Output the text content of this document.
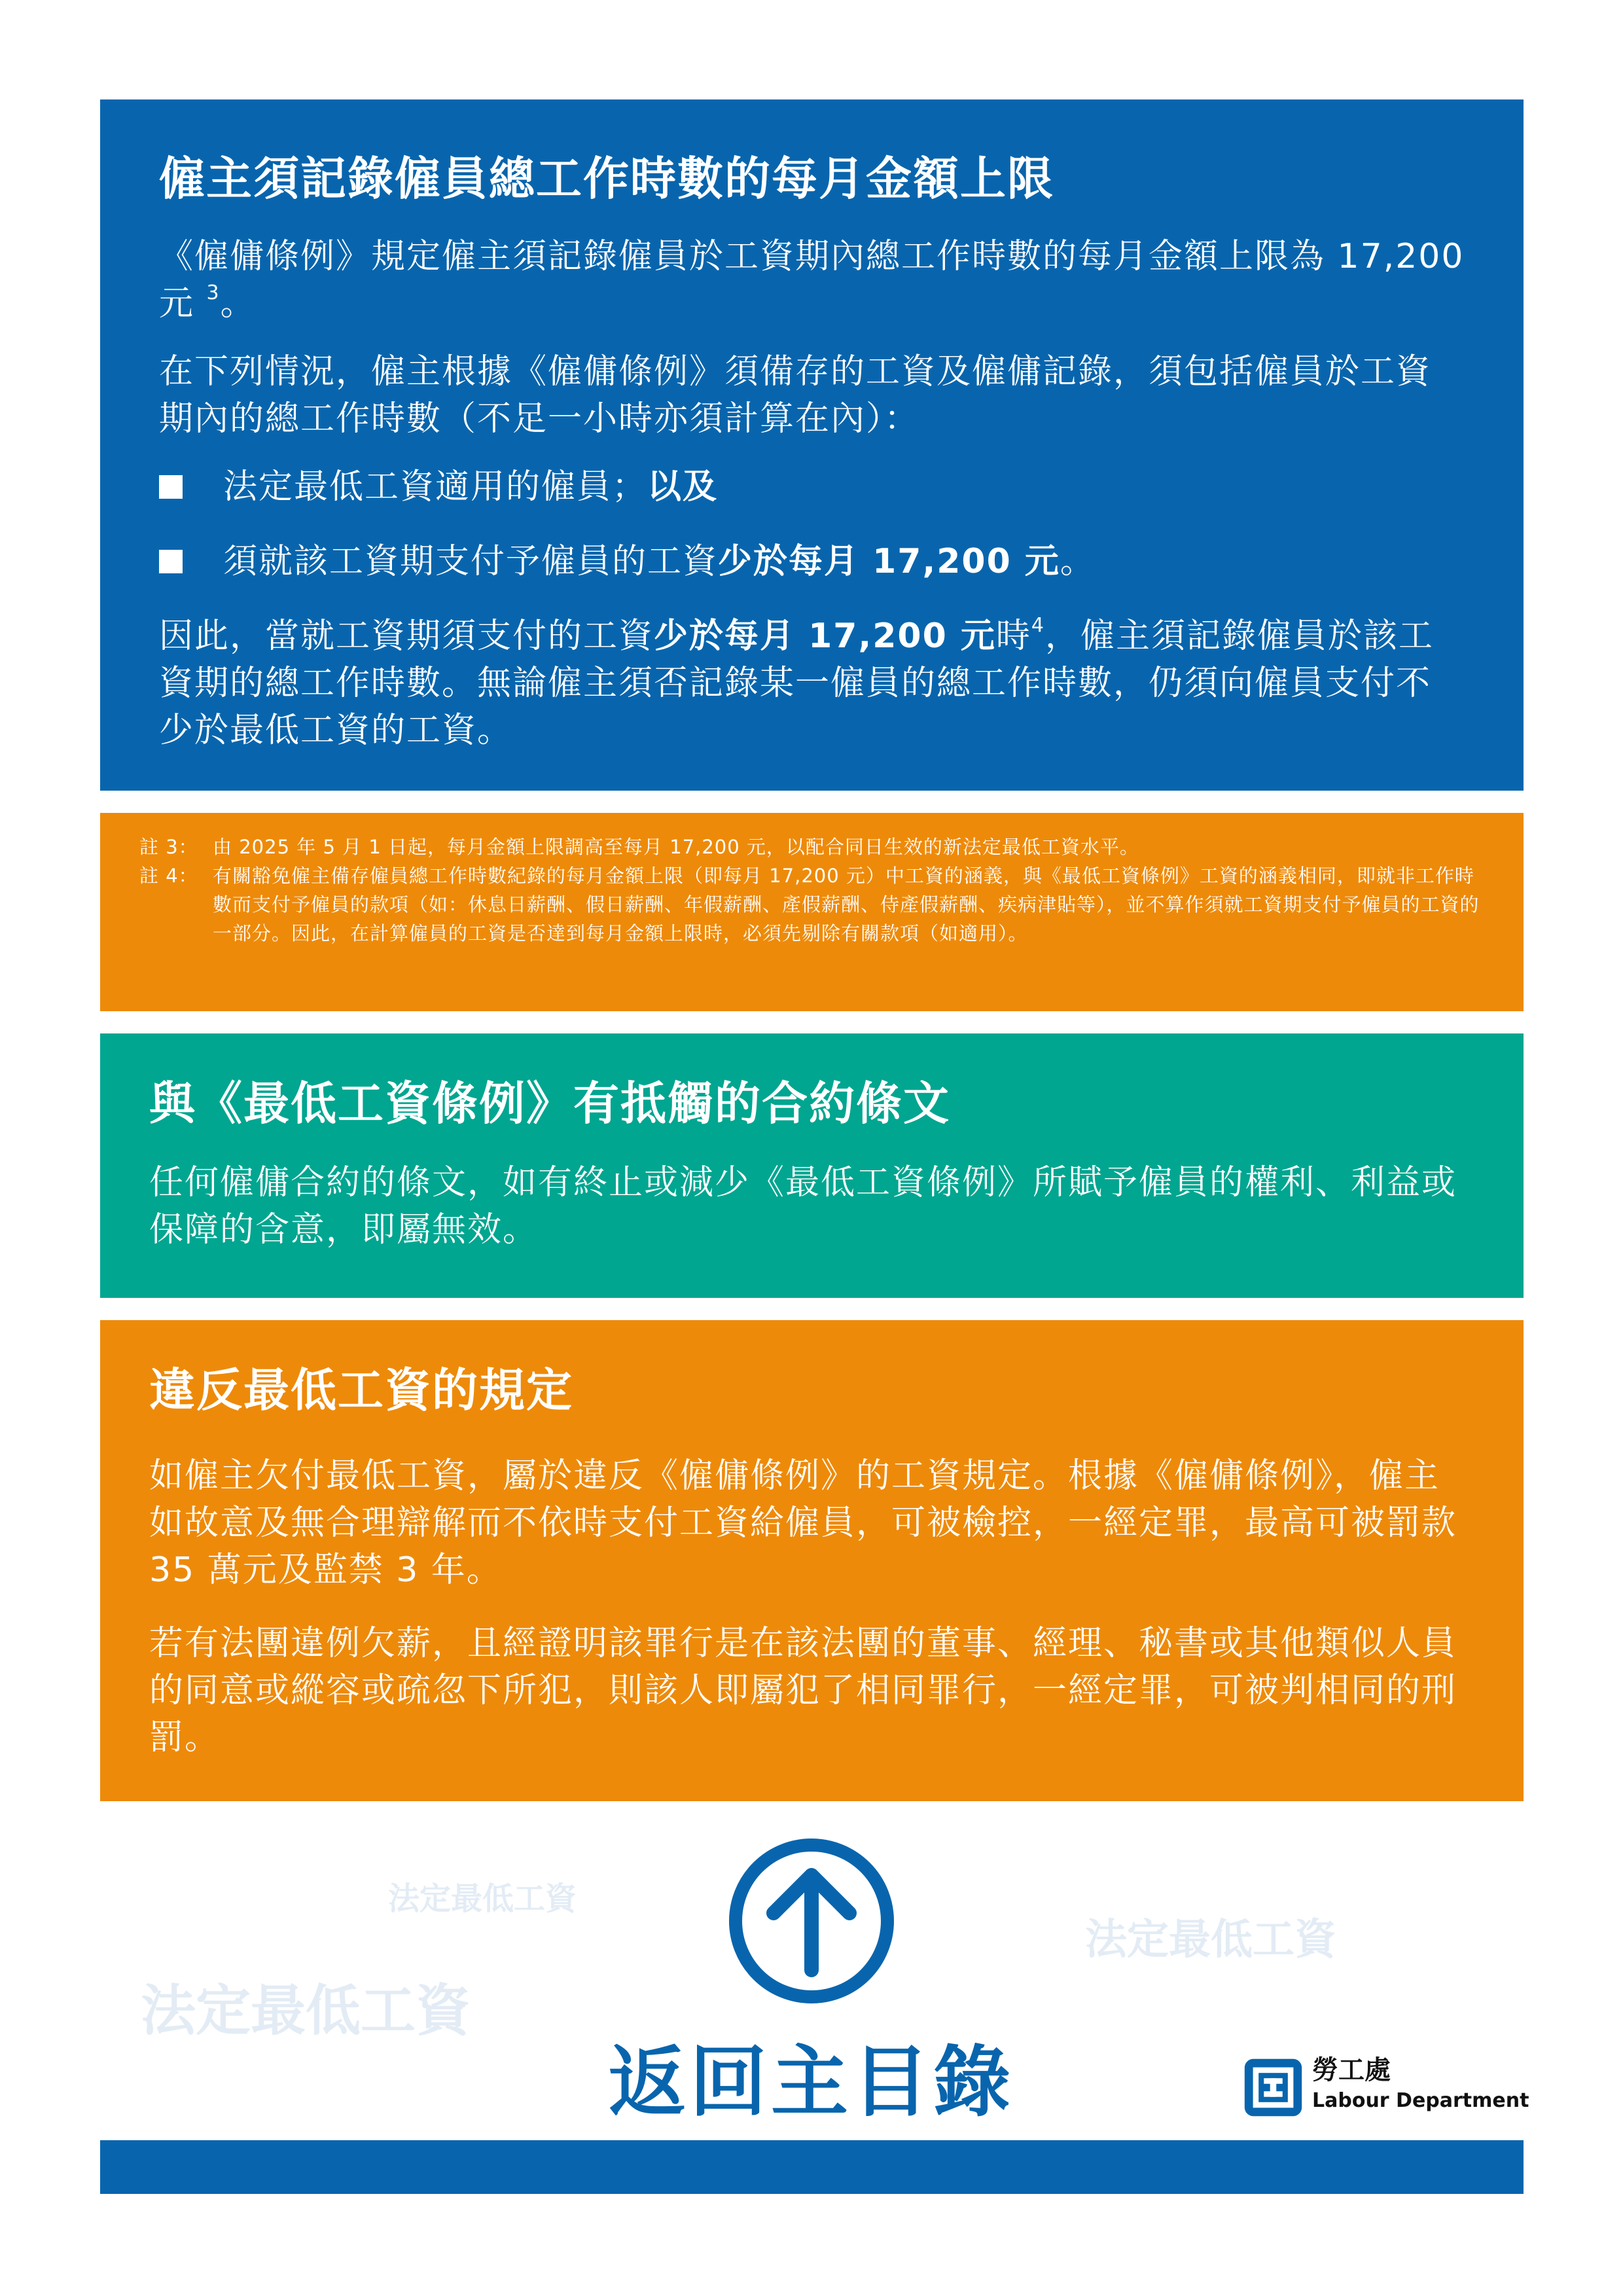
僱主須記錄僱員總工作時數的每月金額上限

《僱傭條例》規定僱主須記錄僱員於工資期內總工作時數的每月金額上限為 17,200 元 $^3$。

在下列情況，僱主根據《僱傭條例》須備存的工資及僱傭記錄，須包括僱員於工資期內的總工作時數（不足一小時亦須計算在內）：

法定最低工資適用的僱員；以及
須就該工資期支付予僱員的工資少於每月 17,200 元。

因此，當就工資期須支付的工資少於每月 17,200 元時$^4$，僱主須記錄僱員於該工資期的總工作時數。無論僱主須否記錄某一僱員的總工作時數，仍須向僱員支付不少於最低工資的工資。

註 3： 由 2025 年 5 月 1 日起，每月金額上限調高至每月 17,200 元，以配合同日生效的新法定最低工資水平。
註 4： 有關豁免僱主備存僱員總工作時數紀錄的每月金額上限（即每月 17,200 元）中工資的涵義，與《最低工資條例》工資的涵義相同，即就非工作時數而支付予僱員的款項（如：休息日薪酬、假日薪酬、年假薪酬、產假薪酬、侍產假薪酬、疾病津貼等），並不算作須就工資期支付予僱員的工資的一部分。因此，在計算僱員的工資是否達到每月金額上限時，必須先剔除有關款項（如適用）。
與《最低工資條例》有抵觸的合約條文

任何僱傭合約的條文，如有終止或減少《最低工資條例》所賦予僱員的權利、利益或保障的含意，即屬無效。

違反最低工資的規定

如僱主欠付最低工資，屬於違反《僱傭條例》的工資規定。根據《僱傭條例》，僱主如故意及無合理辯解而不依時支付工資給僱員，可被檢控，一經定罪，最高可被罰款 35 萬元及監禁 3 年。

若有法團違例欠薪，且經證明該罪行是在該法團的董事、經理、秘書或其他類似人員的同意或縱容或疏忽下所犯，則該人即屬犯了相同罪行，一經定罪，可被判相同的刑罰。

法定最低工資
法定最低工資
法定最低工資
返回主目錄	勞工處
Labour Department
